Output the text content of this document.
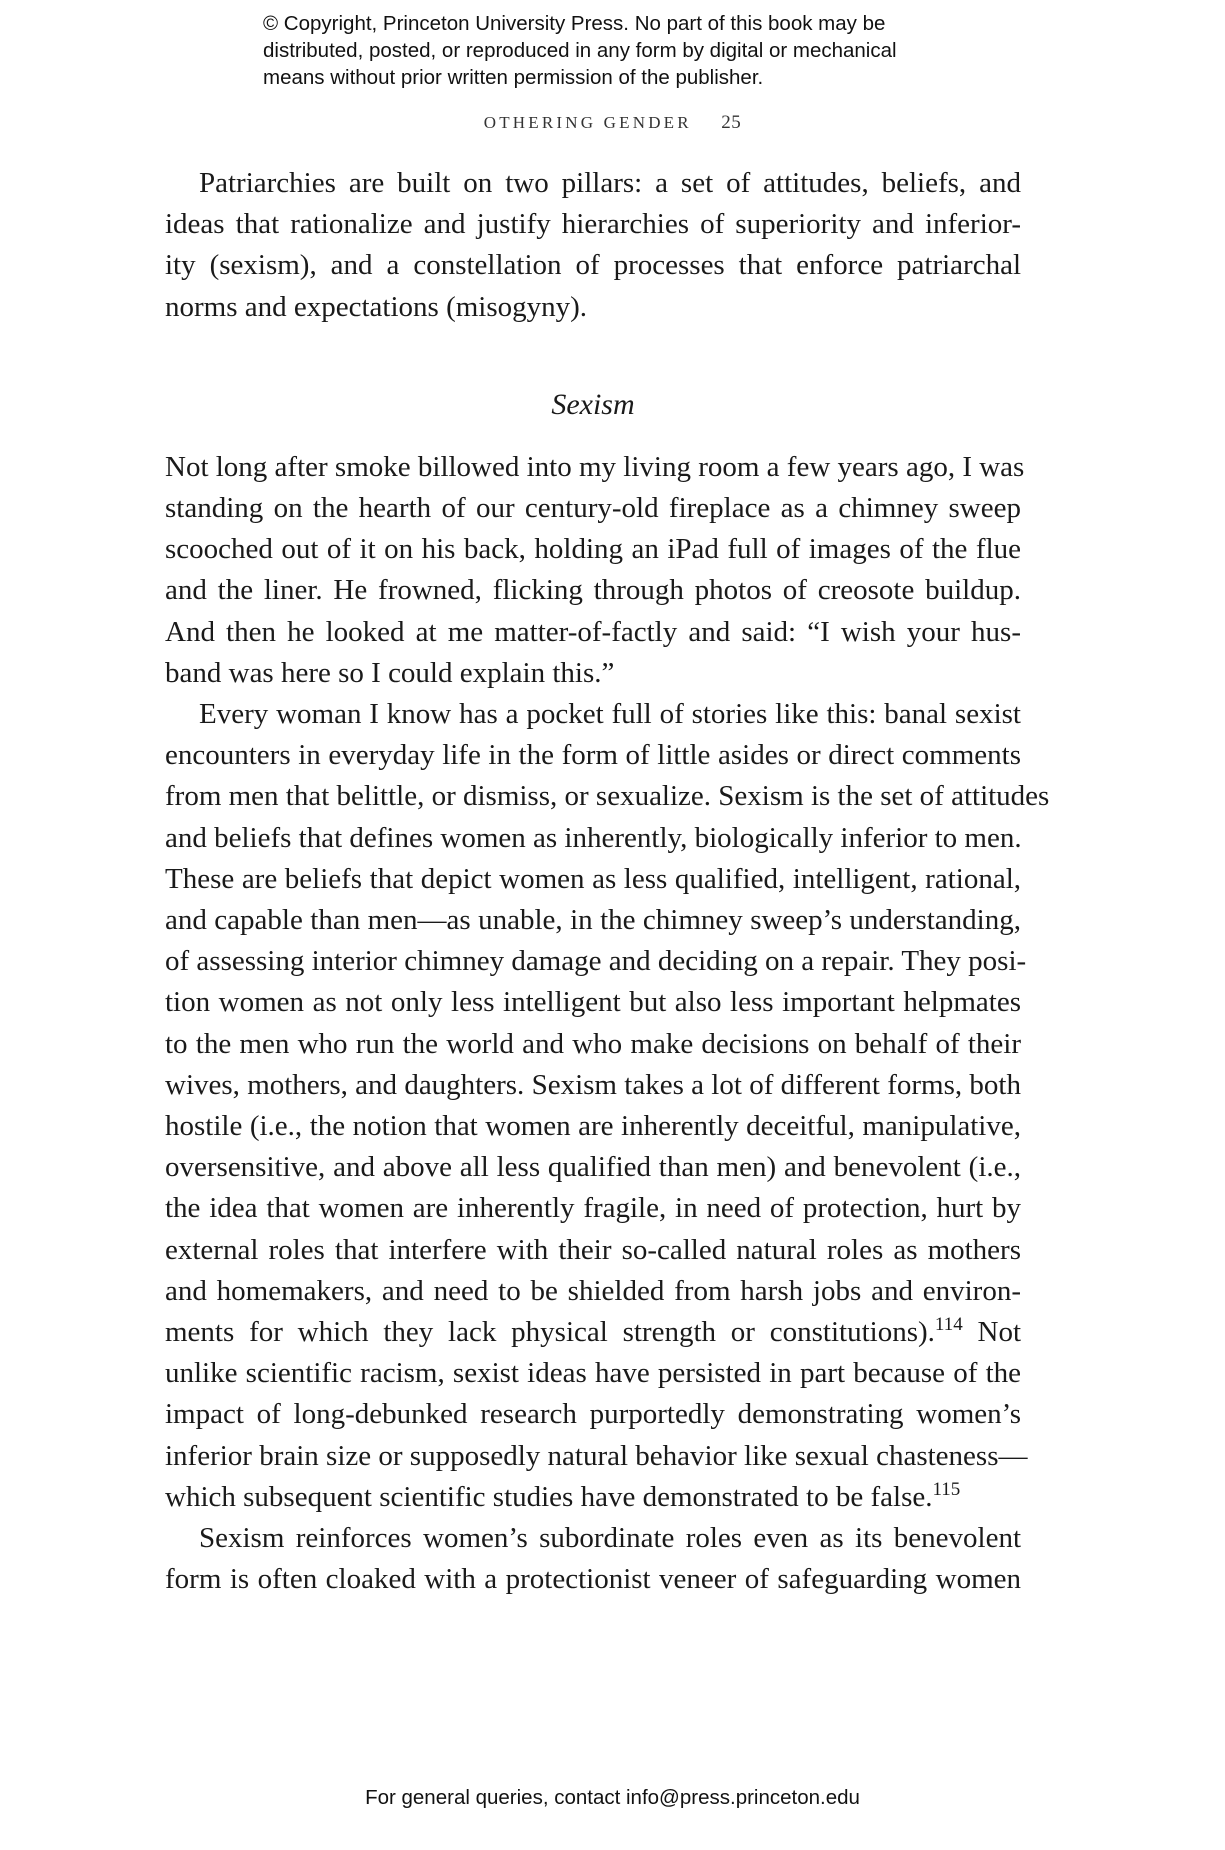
© Copyright, Princeton University Press. No part of this book may be
distributed, posted, or reproduced in any form by digital or mechanical
means without prior written permission of the publisher.
OTHERING GENDER 25
Patriarchies are built on two pillars: a set of attitudes, beliefs, and
ideas that rationalize and justify hierarchies of superiority and inferior-
ity (sexism), and a constellation of processes that enforce patriarchal
norms and expectations (misogyny).
Sexism
Not long after smoke billowed into my living room a few years ago, I was
standing on the hearth of our century-old fireplace as a chimney sweep
scooched out of it on his back, holding an iPad full of images of the flue
and the liner. He frowned, flicking through photos of creosote buildup.
And then he looked at me matter-of-factly and said: “I wish your hus-
band was here so I could explain this.”
Every woman I know has a pocket full of stories like this: banal sexist
encounters in everyday life in the form of little asides or direct comments
from men that belittle, or dismiss, or sexualize. Sexism is the set of attitudes
and beliefs that defines women as inherently, biologically inferior to men.
These are beliefs that depict women as less qualified, intelligent, rational,
and capable than men—as unable, in the chimney sweep’s understanding,
of assessing interior chimney damage and deciding on a repair. They posi-
tion women as not only less intelligent but also less important helpmates
to the men who run the world and who make decisions on behalf of their
wives, mothers, and daughters. Sexism takes a lot of different forms, both
hostile (i.e., the notion that women are inherently deceitful, manipulative,
oversensitive, and above all less qualified than men) and benevolent (i.e.,
the idea that women are inherently fragile, in need of protection, hurt by
external roles that interfere with their so-called natural roles as mothers
and homemakers, and need to be shielded from harsh jobs and environ-
ments for which they lack physical strength or constitutions).$^{114}$ Not
unlike scientific racism, sexist ideas have persisted in part because of the
impact of long-debunked research purportedly demonstrating women’s
inferior brain size or supposedly natural behavior like sexual chasteness—
which subsequent scientific studies have demonstrated to be false.$^{115}$
Sexism reinforces women’s subordinate roles even as its benevolent
form is often cloaked with a protectionist veneer of safeguarding women
For general queries, contact info@press.princeton.edu
